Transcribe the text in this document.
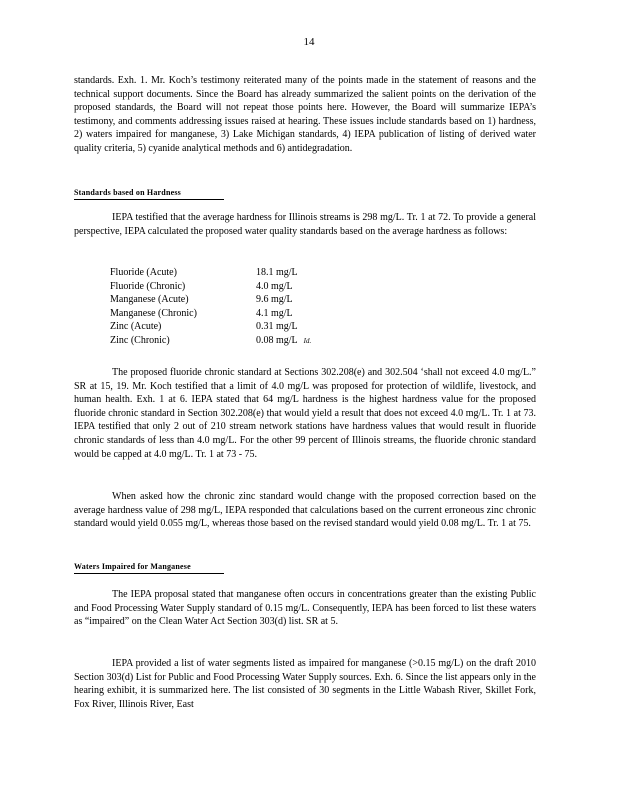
14

standards. Exh. 1. Mr. Koch’s testimony reiterated many of the points made in the statement of reasons and the technical support documents. Since the Board has already summarized the salient points on the derivation of the proposed standards, the Board will not repeat those points here. However, the Board will summarize IEPA’s testimony, and comments addressing issues raised at hearing. These issues include standards based on 1) hardness, 2) waters impaired for manganese, 3) Lake Michigan standards, 4) IEPA publication of listing of derived water quality criteria, 5) cyanide analytical methods and 6) antidegradation.

Standards based on Hardness

IEPA testified that the average hardness for Illinois streams is 298 mg/L. Tr. 1 at 72. To provide a general perspective, IEPA calculated the proposed water quality standards based on the average hardness as follows:

Fluoride (Acute)	18.1 mg/L
Fluoride (Chronic)	4.0 mg/L
Manganese (Acute)	9.6 mg/L
Manganese (Chronic)	4.1 mg/L
Zinc (Acute)	0.31 mg/L
Zinc (Chronic)	0.08 mg/L Id.

The proposed fluoride chronic standard at Sections 302.208(e) and 302.504 ‘shall not exceed 4.0 mg/L.” SR at 15, 19. Mr. Koch testified that a limit of 4.0 mg/L was proposed for protection of wildlife, livestock, and human health. Exh. 1 at 6. IEPA stated that 64 mg/L hardness is the highest hardness value for the proposed fluoride chronic standard in Section 302.208(e) that would yield a result that does not exceed 4.0 mg/L. Tr. 1 at 73. IEPA testified that only 2 out of 210 stream network stations have hardness values that would result in fluoride chronic standards of less than 4.0 mg/L. For the other 99 percent of Illinois streams, the fluoride chronic standard would be capped at 4.0 mg/L. Tr. 1 at 73 - 75.

When asked how the chronic zinc standard would change with the proposed correction based on the average hardness value of 298 mg/L, IEPA responded that calculations based on the current erroneous zinc chronic standard would yield 0.055 mg/L, whereas those based on the revised standard would yield 0.08 mg/L. Tr. 1 at 75.

Waters Impaired for Manganese

The IEPA proposal stated that manganese often occurs in concentrations greater than the existing Public and Food Processing Water Supply standard of 0.15 mg/L. Consequently, IEPA has been forced to list these waters as “impaired” on the Clean Water Act Section 303(d) list. SR at 5.

IEPA provided a list of water segments listed as impaired for manganese (>0.15 mg/L) on the draft 2010 Section 303(d) List for Public and Food Processing Water Supply sources. Exh. 6. Since the list appears only in the hearing exhibit, it is summarized here. The list consisted of 30 segments in the Little Wabash River, Skillet Fork, Fox River, Illinois River, East
